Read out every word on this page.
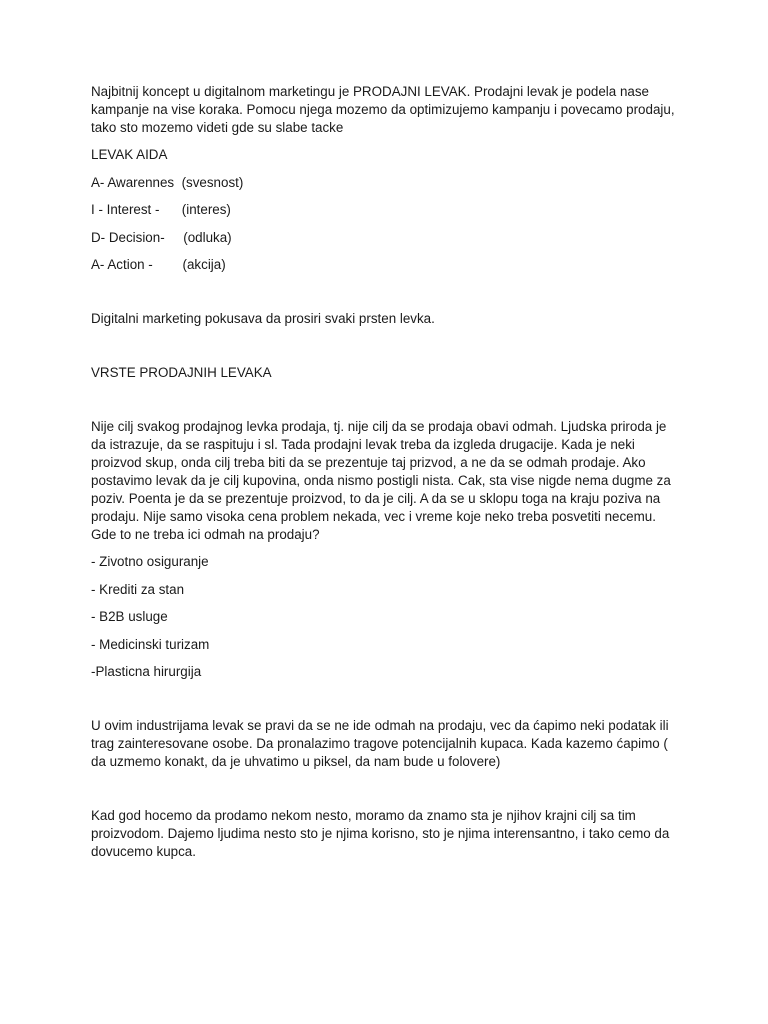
Najbitnij koncept u digitalnom marketingu je PRODAJNI LEVAK. Prodajni levak je podela nase kampanje na vise koraka. Pomocu njega mozemo da optimizujemo kampanju i povecamo prodaju, tako sto mozemo videti gde su slabe tacke

LEVAK AIDA

A- Awarennes  (svesnost)

I - Interest -      (interes)

D- Decision-     (odluka)

A- Action -        (akcija)

Digitalni marketing pokusava da prosiri svaki prsten levka.

VRSTE PRODAJNIH LEVAKA

Nije cilj svakog prodajnog levka prodaja, tj. nije cilj da se prodaja obavi odmah. Ljudska priroda je da istrazuje, da se raspituju i sl. Tada prodajni levak treba da izgleda drugacije. Kada je neki proizvod skup, onda cilj treba biti da se prezentuje taj prizvod, a ne da se odmah prodaje. Ako postavimo levak da je cilj kupovina, onda nismo postigli nista. Cak, sta vise nigde nema dugme za poziv. Poenta je da se prezentuje proizvod, to da je cilj. A da se u sklopu toga na kraju poziva na prodaju. Nije samo visoka cena problem nekada, vec i vreme koje neko treba posvetiti necemu. Gde to ne treba ici odmah na prodaju?

- Zivotno osiguranje

- Krediti za stan

- B2B usluge

- Medicinski turizam

-Plasticna hirurgija

U ovim industrijama levak se pravi da se ne ide odmah na prodaju, vec da ćapimo neki podatak ili trag zainteresovane osobe. Da pronalazimo tragove potencijalnih kupaca. Kada kazemo ćapimo ( da uzmemo konakt, da je uhvatimo u piksel, da nam bude u folovere)

Kad god hocemo da prodamo nekom nesto, moramo da znamo sta je njihov krajni cilj sa tim proizvodom. Dajemo ljudima nesto sto je njima korisno, sto je njima interensantno, i tako cemo da dovucemo kupca.
